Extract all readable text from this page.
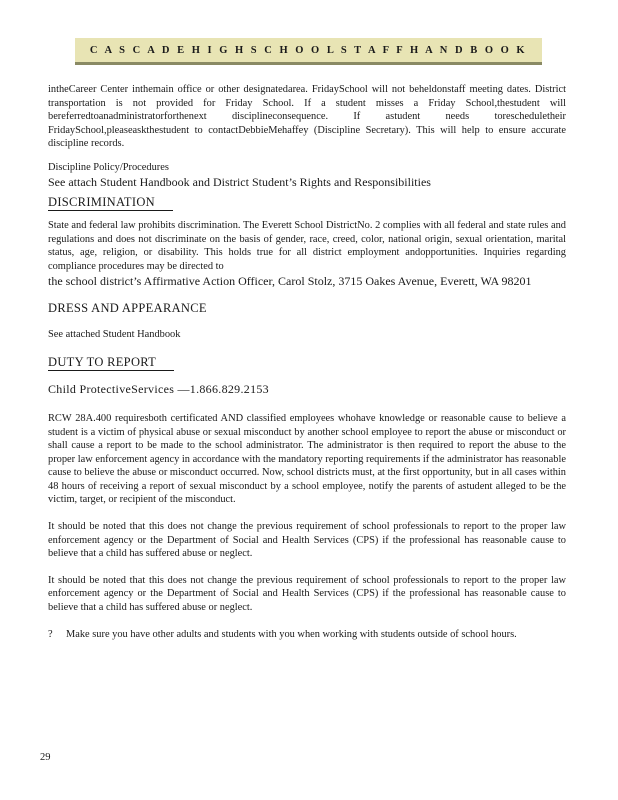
C A S C A D E H I G H S C H O O L S T A F F H A N D B O O K

intheCareer Center inthemain office or other designatedarea. FridaySchool will not beheldonstaff meeting dates. District transportation is not provided for Friday School. If a student misses a Friday School,thestudent will bereferredtoanadministratorforthenext disciplineconsequence. If astudent needs torescheduletheir FridaySchool,pleaseaskthestudent to contactDebbieMehaffey (Discipline Secretary). This will help to ensure accurate discipline records.

Discipline Policy/Procedures

See attach Student Handbook and District Student’s Rights and Responsibilities

DISCRIMINATION

State and federal law prohibits discrimination. The Everett School DistrictNo. 2 complies with all federal and state rules and regulations and does not discriminate on the basis of gender, race, creed, color, national origin, sexual orientation, marital status, age, religion, or disability. This holds true for all district employment andopportunities. Inquiries regarding compliance procedures may be directed to

the school district’s Affirmative Action Officer, Carol Stolz, 3715 Oakes Avenue, Everett, WA 98201

DRESS AND APPEARANCE

See attached Student Handbook

DUTY TO REPORT

Child ProtectiveServices —1.866.829.2153

RCW 28A.400 requiresboth certificated AND classified employees whohave knowledge or reasonable cause to believe a student is a victim of physical abuse or sexual misconduct by another school employee to report the abuse or misconduct or shall cause a report to be made to the school administrator. The administrator is then required to report the abuse to the proper law enforcement agency in accordance with the mandatory reporting requirements if the administrator has reasonable cause to believe the abuse or misconduct occurred. Now, school districts must, at the first opportunity, but in all cases within 48 hours of receiving a report of sexual misconduct by a school employee, notify the parents of astudent alleged to be the victim, target, or recipient of the misconduct.

It should be noted that this does not change the previous requirement of school professionals to report to the proper law enforcement agency or the Department of Social and Health Services (CPS) if the professional has reasonable cause to believe that a child has suffered abuse or neglect.

It should be noted that this does not change the previous requirement of school professionals to report to the proper law enforcement agency or the Department of Social and Health Services (CPS) if the professional has reasonable cause to believe that a child has suffered abuse or neglect.

?	Make sure you have other adults and students with you when working with students outside of school hours.

29
